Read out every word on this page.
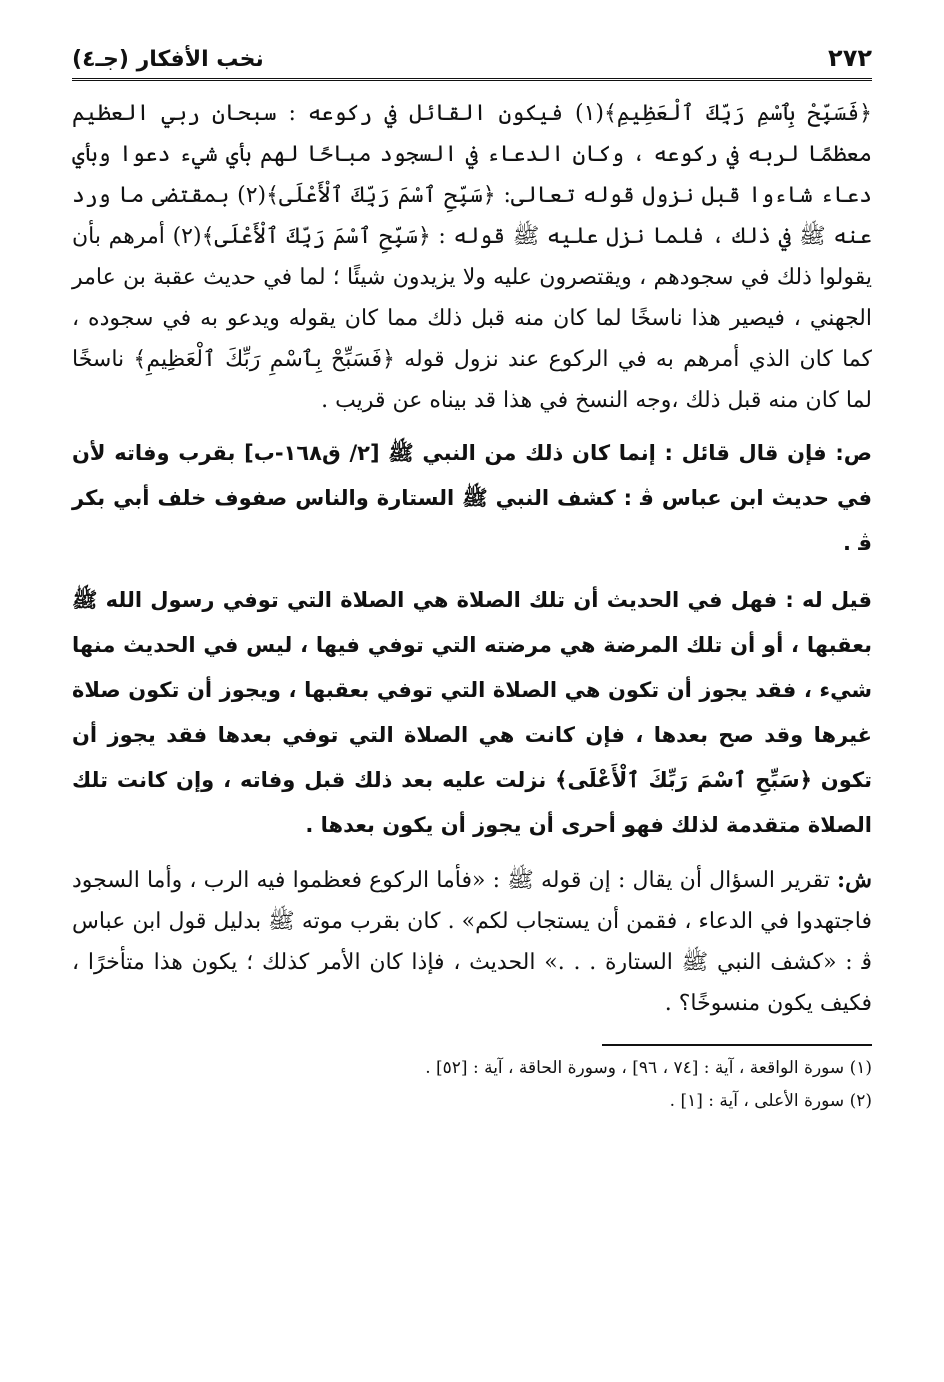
٢٧٢
نخب الأفكار (جـ٤)

﴿فَسَبِّحْ بِٱسْمِ رَبِّكَ ٱلْعَظِيمِ﴾(١) فيكون القائل في ركوعه : سبحان ربي العظيم معظمًا لربه في ركوعه ، وكان الدعاء في السجود مباحًا لهم بأي شيء دعوا وبأي دعاء شاءوا قبل نزول قوله تعالى: ﴿سَبِّحِ ٱسْمَ رَبِّكَ ٱلْأَعْلَى﴾(٢) بمقتضى ما ورد عنه ﷺ في ذلك ، فلما نزل عليه ﷺ قوله : ﴿سَبِّحِ ٱسْمَ رَبِّكَ ٱلْأَعْلَى﴾(٢) أمرهم بأن يقولوا ذلك في سجودهم ، ويقتصرون عليه ولا يزيدون شيئًا ؛ لما في حديث عقبة بن عامر الجهني ، فيصير هذا ناسخًا لما كان منه قبل ذلك مما كان يقوله ويدعو به في سجوده ، كما كان الذي أمرهم به في الركوع عند نزول قوله ﴿فَسَبِّحْ بِٱسْمِ رَبِّكَ ٱلْعَظِيمِ﴾ ناسخًا لما كان منه قبل ذلك ،وجه النسخ في هذا قد بيناه عن قريب .

ص: فإن قال قائل : إنما كان ذلك من النبي ﷺ [٢/ ق١٦٨-ب] بقرب وفاته لأن في حديث ابن عباس ﭬ : كشف النبي ﷺ الستارة والناس صفوف خلف أبي بكر ﭬ .

قيل له : فهل في الحديث أن تلك الصلاة هي الصلاة التي توفي رسول الله ﷺ بعقبها ، أو أن تلك المرضة هي مرضته التي توفي فيها ، ليس في الحديث منها شيء ، فقد يجوز أن تكون هي الصلاة التي توفي بعقبها ، ويجوز أن تكون صلاة غيرها وقد صح بعدها ، فإن كانت هي الصلاة التي توفي بعدها فقد يجوز أن تكون ﴿سَبِّحِ ٱسْمَ رَبِّكَ ٱلْأَعْلَى﴾ نزلت عليه بعد ذلك قبل وفاته ، وإن كانت تلك الصلاة متقدمة لذلك فهو أحرى أن يجوز أن يكون بعدها .

ش: تقرير السؤال أن يقال : إن قوله ﷺ : «فأما الركوع فعظموا فيه الرب ، وأما السجود فاجتهدوا في الدعاء ، فقمن أن يستجاب لكم» . كان بقرب موته ﷺ بدليل قول ابن عباس ﭬ : «كشف النبي ﷺ الستارة . . .» الحديث ، فإذا كان الأمر كذلك ؛ يكون هذا متأخرًا ، فكيف يكون منسوخًا؟ .

(١) سورة الواقعة ، آية : [٧٤ ، ٩٦] ، وسورة الحاقة ، آية : [٥٢] .

(٢) سورة الأعلى ، آية : [١] .
